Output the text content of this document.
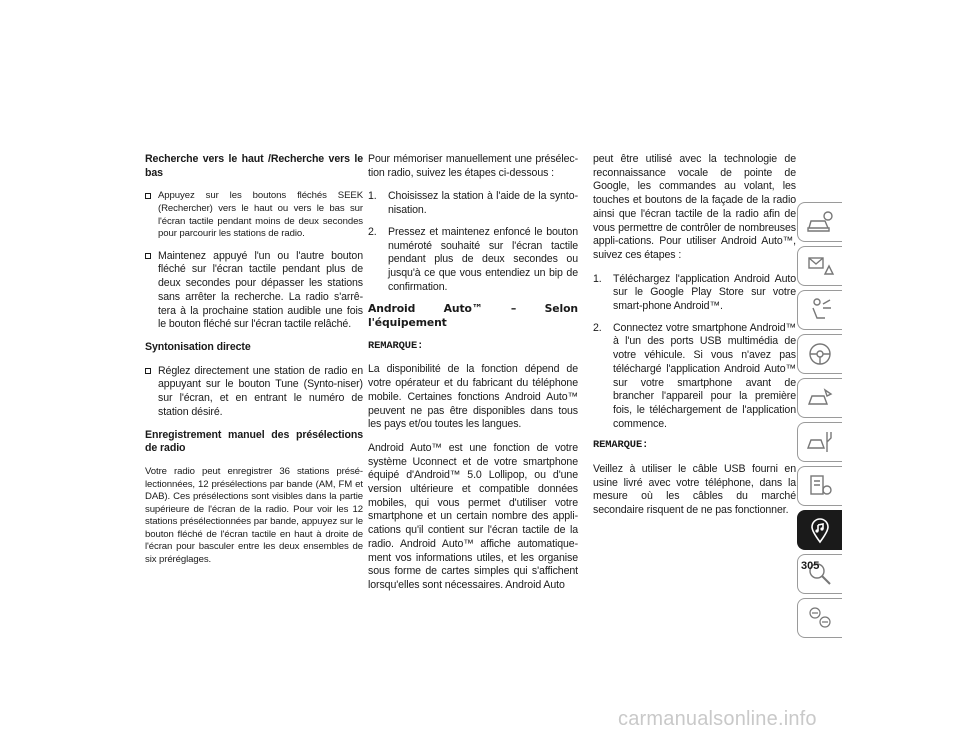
Recherche vers le haut /Recherche vers le bas

Appuyez sur les boutons fléchés SEEK (Rechercher) vers le haut ou vers le bas sur l'écran tactile pendant moins de deux secondes pour parcourir les stations de radio.
Maintenez appuyé l'un ou l'autre bouton fléché sur l'écran tactile pendant plus de deux secondes pour dépasser les stations sans arrêter la recherche. La radio s'arrê-tera à la prochaine station audible une fois le bouton fléché sur l'écran tactile relâché.

Syntonisation directe

Réglez directement une station de radio en appuyant sur le bouton Tune (Synto-niser) sur l'écran, et en entrant le numéro de station désiré.

Enregistrement manuel des présélections de radio

Votre radio peut enregistrer 36 stations présé-lectionnées, 12 présélections par bande (AM, FM et DAB). Ces présélections sont visibles dans la partie supérieure de l'écran de la radio. Pour voir les 12 stations présélectionnées par bande, appuyez sur le bouton fléché de l'écran tactile en haut à droite de l'écran pour basculer entre les deux ensembles de six préréglages.

Pour mémoriser manuellement une présélec-tion radio, suivez les étapes ci-dessous :

1. Choisissez la station à l'aide de la synto-nisation.
2. Pressez et maintenez enfoncé le bouton numéroté souhaité sur l'écran tactile pendant plus de deux secondes ou jusqu'à ce que vous entendiez un bip de confirmation.

Android Auto™ – Selon l'équipement

REMARQUE:

La disponibilité de la fonction dépend de votre opérateur et du fabricant du téléphone mobile. Certaines fonctions Android Auto™ peuvent ne pas être disponibles dans tous les pays et/ou toutes les langues.

Android Auto™ est une fonction de votre système Uconnect et de votre smartphone équipé d'Android™ 5.0 Lollipop, ou d'une version ultérieure et compatible données mobiles, qui vous permet d'utiliser votre smartphone et un certain nombre des appli-cations qu'il contient sur l'écran tactile de la radio. Android Auto™ affiche automatique-ment vos informations utiles, et les organise sous forme de cartes simples qui s'affichent lorsqu'elles sont nécessaires. Android Auto

peut être utilisé avec la technologie de reconnaissance vocale de pointe de Google, les commandes au volant, les touches et boutons de la façade de la radio ainsi que l'écran tactile de la radio afin de vous permettre de contrôler de nombreuses appli-cations. Pour utiliser Android Auto™, suivez ces étapes :

1. Téléchargez l'application Android Auto sur le Google Play Store sur votre smart-phone Android™.
2. Connectez votre smartphone Android™ à l'un des ports USB multimédia de votre véhicule. Si vous n'avez pas téléchargé l'application Android Auto™ sur votre smartphone avant de brancher l'appareil pour la première fois, le téléchargement de l'application commence.

REMARQUE:

Veillez à utiliser le câble USB fourni en usine livré avec votre téléphone, dans la mesure où les câbles du marché secondaire risquent de ne pas fonctionner.

305
carmanualsonline.info
